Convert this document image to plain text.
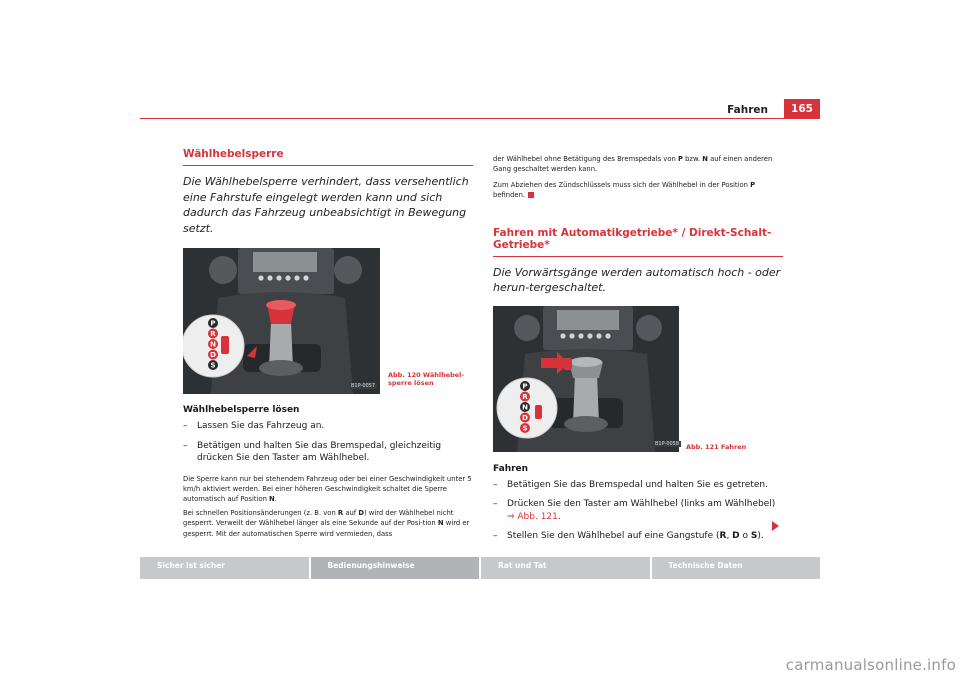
Fahren	165
Wählhebelsperre

Die Wählhebelsperre verhindert, dass versehentlich eine Fahrstufe eingelegt werden kann und sich dadurch das Fahrzeug unbeabsichtigt in Bewegung setzt.

P
R
N
D
S
B1P-0057
Abb. 120 Wählhebel-sperre lösen
Wählhebelsperre lösen
– Lassen Sie das Fahrzeug an.
– Betätigen und halten Sie das Bremspedal, gleichzeitig drücken Sie den Taster am Wählhebel.

Die Sperre kann nur bei stehendem Fahrzeug oder bei einer Geschwindigkeit unter 5 km/h aktiviert werden. Bei einer höheren Geschwindigkeit schaltet die Sperre automatisch auf Position N.

Bei schnellen Positionsänderungen (z. B. von R auf D) wird der Wählhebel nicht gesperrt. Verweilt der Wählhebel länger als eine Sekunde auf der Posi-tion N wird er gesperrt. Mit der automatischen Sperre wird vermieden, dass

der Wählhebel ohne Betätigung des Bremspedals von P bzw. N auf einen anderen Gang geschaltet werden kann.

Zum Abziehen des Zündschlüssels muss sich der Wählhebel in der Position P befinden.

Fahren mit Automatikgetriebe* / Direkt-Schalt-Getriebe*

Die Vorwärtsgänge werden automatisch hoch - oder herun-tergeschaltet.

P
R
N
D
S
B1P-0058	Abb. 121 Fahren
Fahren
– Betätigen Sie das Bremspedal und halten Sie es getreten.
– Drücken Sie den Taster am Wählhebel (links am Wählhebel)
⇒ Abb. 121.
– Stellen Sie den Wählhebel auf eine Gangstufe (R, D o S).
Sicher ist sicher	Bedienungshinweise	Rat und Tat	Technische Daten
carmanualsonline.info
